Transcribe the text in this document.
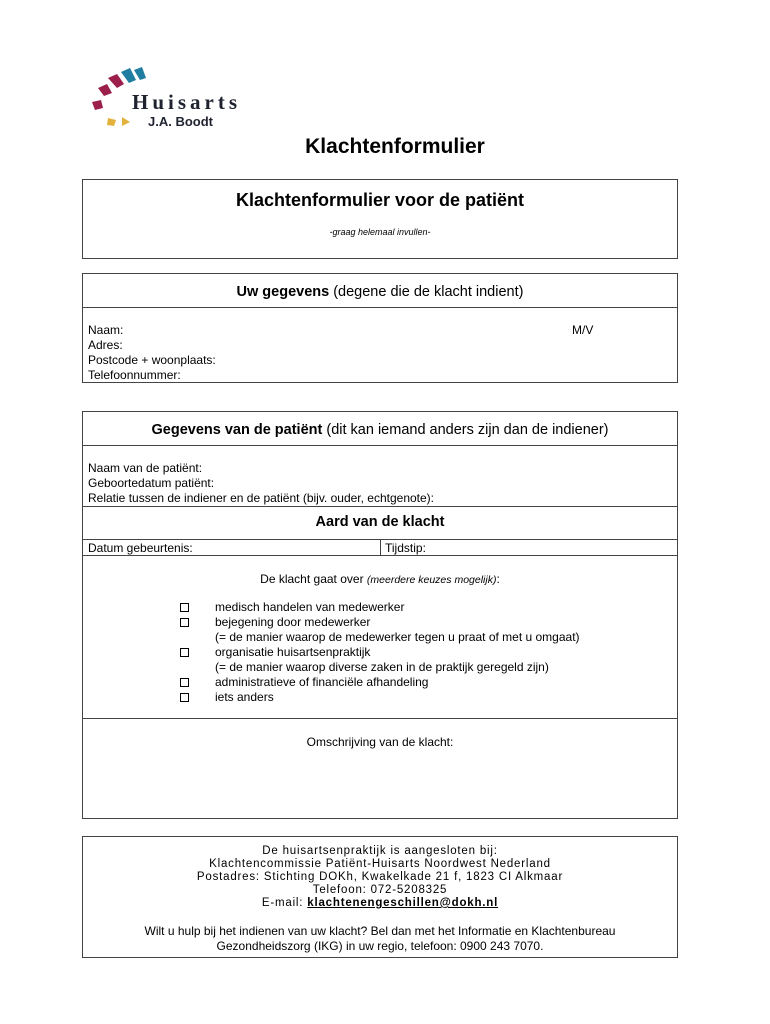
Huisarts
J.A. Boodt
Klachtenformulier
Klachtenformulier voor de patiënt
-graag helemaal invullen-
Uw gegevens (degene die de klacht indient)
Naam:
Adres:
Postcode + woonplaats:
Telefoonnummer:
M/V
Gegevens van de patiënt (dit kan iemand anders zijn dan de indiener)
Naam van de patiënt:
Geboortedatum patiënt:
Relatie tussen de indiener en de patiënt (bijv. ouder, echtgenote):
Aard van de klacht
Datum gebeurtenis:	Tijdstip:
De klacht gaat over (meerdere keuzes mogelijk):
Omschrijving van de klacht:
medisch handelen van medewerker
bejegening door medewerker
(= de manier waarop de medewerker tegen u praat of met u omgaat)
organisatie huisartsenpraktijk
(= de manier waarop diverse zaken in de praktijk geregeld zijn)
administratieve of financiële afhandeling
iets anders
De huisartsenpraktijk is aangesloten bij:
Klachtencommissie Patiënt-Huisarts Noordwest Nederland
Postadres: Stichting DOKh, Kwakelkade 21 f, 1823 CI Alkmaar
Telefoon: 072-5208325
E-mail: klachtenengeschillen@dokh.nl
Wilt u hulp bij het indienen van uw klacht? Bel dan met het Informatie en Klachtenbureau
Gezondheidszorg (IKG) in uw regio, telefoon: 0900 243 7070.
